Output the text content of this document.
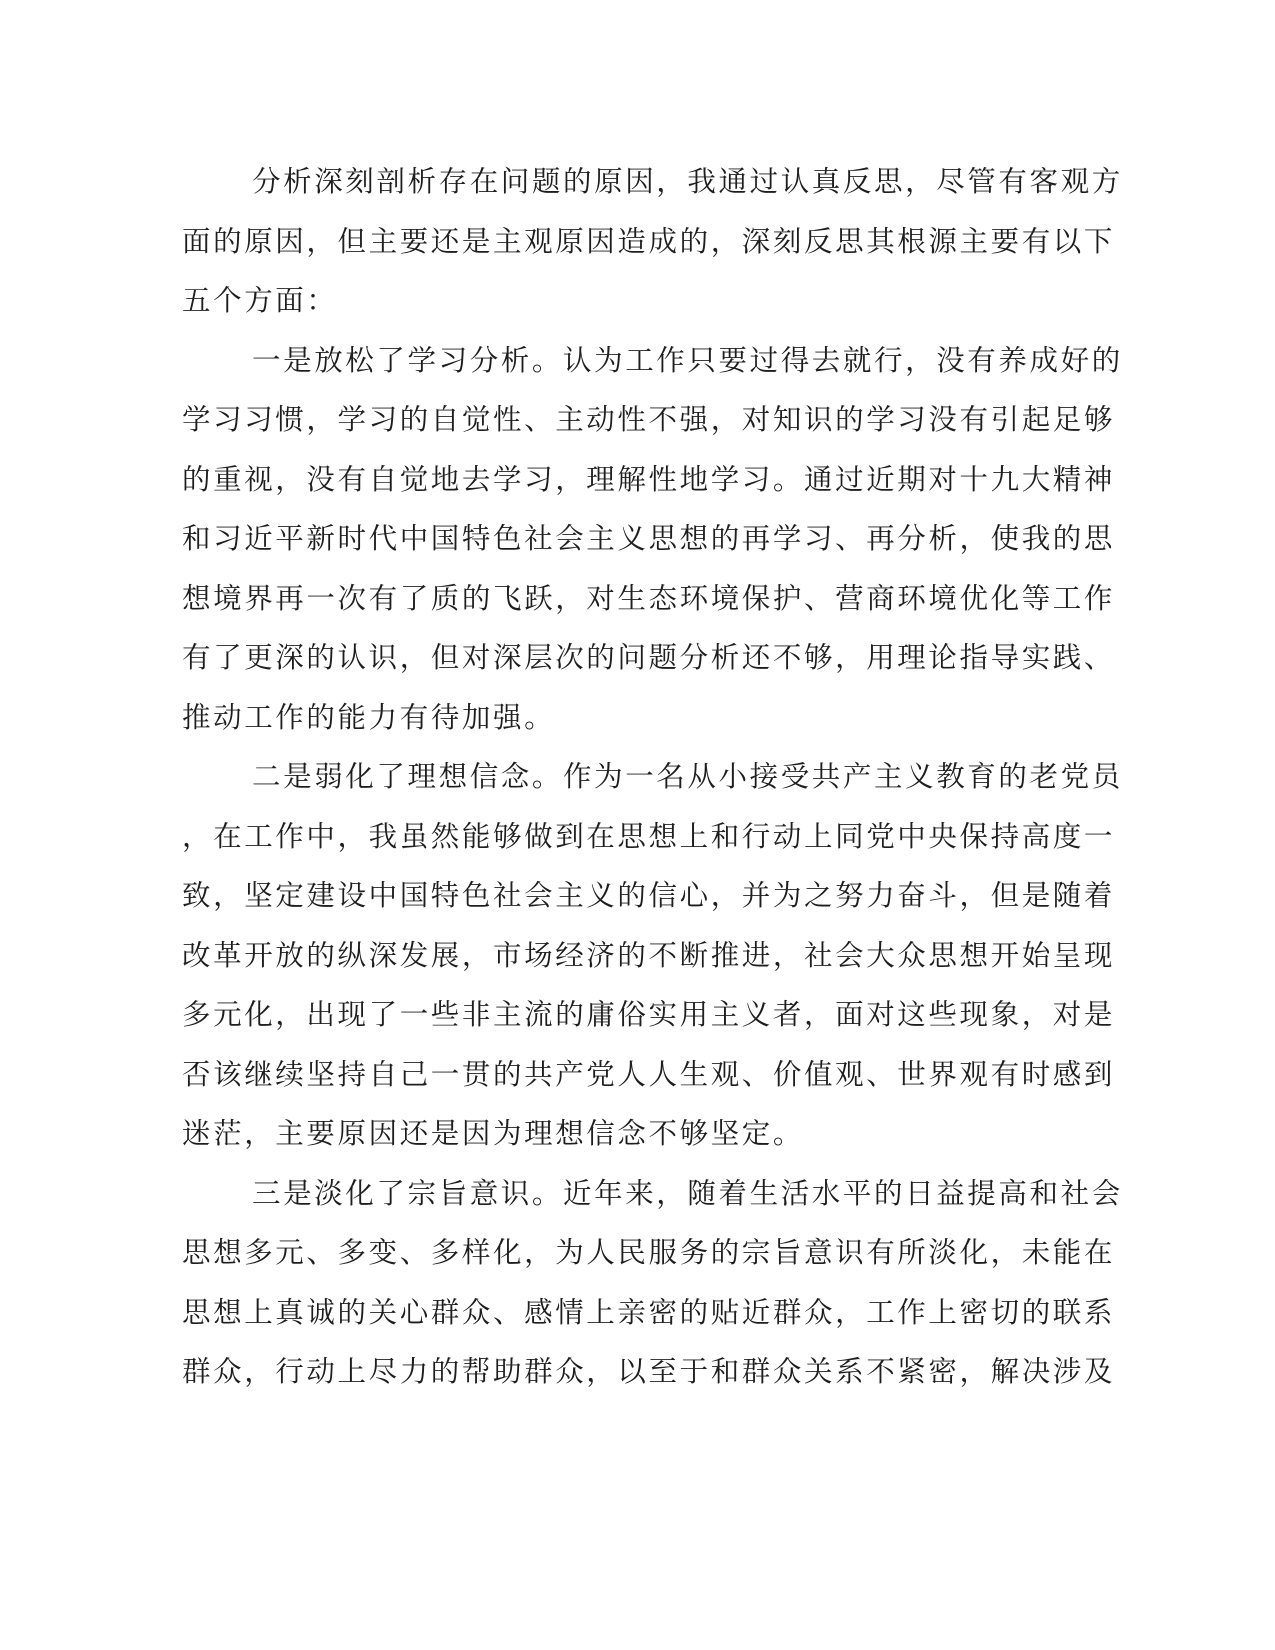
分析深刻剖析存在问题的原因，我通过认真反思，尽管有客观方
面的原因，但主要还是主观原因造成的，深刻反思其根源主要有以下
五个方面：

一是放松了学习分析。认为工作只要过得去就行，没有养成好的
学习习惯，学习的自觉性、主动性不强，对知识的学习没有引起足够
的重视，没有自觉地去学习，理解性地学习。通过近期对十九大精神
和习近平新时代中国特色社会主义思想的再学习、再分析，使我的思
想境界再一次有了质的飞跃，对生态环境保护、营商环境优化等工作
有了更深的认识，但对深层次的问题分析还不够，用理论指导实践、
推动工作的能力有待加强。

二是弱化了理想信念。作为一名从小接受共产主义教育的老党员
，在工作中，我虽然能够做到在思想上和行动上同党中央保持高度一
致，坚定建设中国特色社会主义的信心，并为之努力奋斗，但是随着
改革开放的纵深发展，市场经济的不断推进，社会大众思想开始呈现
多元化，出现了一些非主流的庸俗实用主义者，面对这些现象，对是
否该继续坚持自己一贯的共产党人人生观、价值观、世界观有时感到
迷茫，主要原因还是因为理想信念不够坚定。

三是淡化了宗旨意识。近年来，随着生活水平的日益提高和社会
思想多元、多变、多样化，为人民服务的宗旨意识有所淡化，未能在
思想上真诚的关心群众、感情上亲密的贴近群众，工作上密切的联系
群众，行动上尽力的帮助群众，以至于和群众关系不紧密，解决涉及
